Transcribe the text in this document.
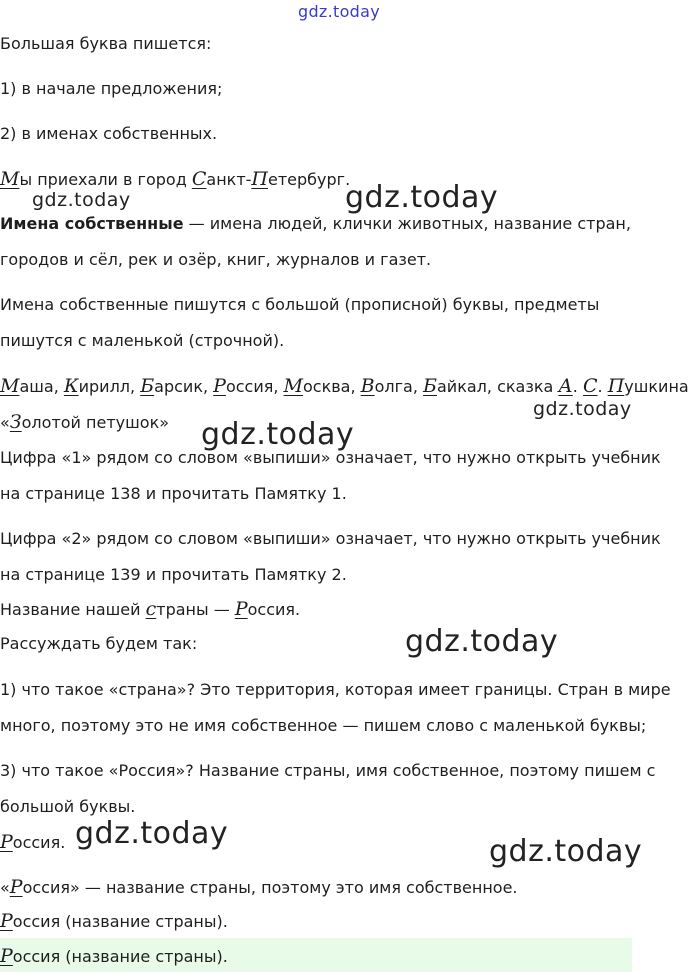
gdz.today
Большая буква пишется:
1) в начале предложения;
2) в именах собственных.
Мы приехали в город Санкт-Петербург.
gdz.today	gdz.today
Имена собственные — имена людей, клички животных, название стран,
городов и сёл, рек и озёр, книг, журналов и газет.
Имена собственные пишутся с большой (прописной) буквы, предметы
пишутся с маленькой (строчной).
Маша, Кирилл, Барсик, Россия, Москва, Волга, Байкал, сказка А. С. Пушкина
«Золотой петушок»
gdz.today
gdz.today
Цифра «1» рядом со словом «выпиши» означает, что нужно открыть учебник
на странице 138 и прочитать Памятку 1.
Цифра «2» рядом со словом «выпиши» означает, что нужно открыть учебник
на странице 139 и прочитать Памятку 2.
Название нашей страны — Россия.
Рассуждать будем так:	gdz.today
1) что такое «страна»? Это территория, которая имеет границы. Стран в мире
много, поэтому это не имя собственное — пишем слово с маленькой буквы;
3) что такое «Россия»? Название страны, имя собственное, поэтому пишем с
большой буквы.
Россия. gdz.today
gdz.today
«Россия» — название страны, поэтому это имя собственное.
Россия (название страны).
Россия (название страны).
